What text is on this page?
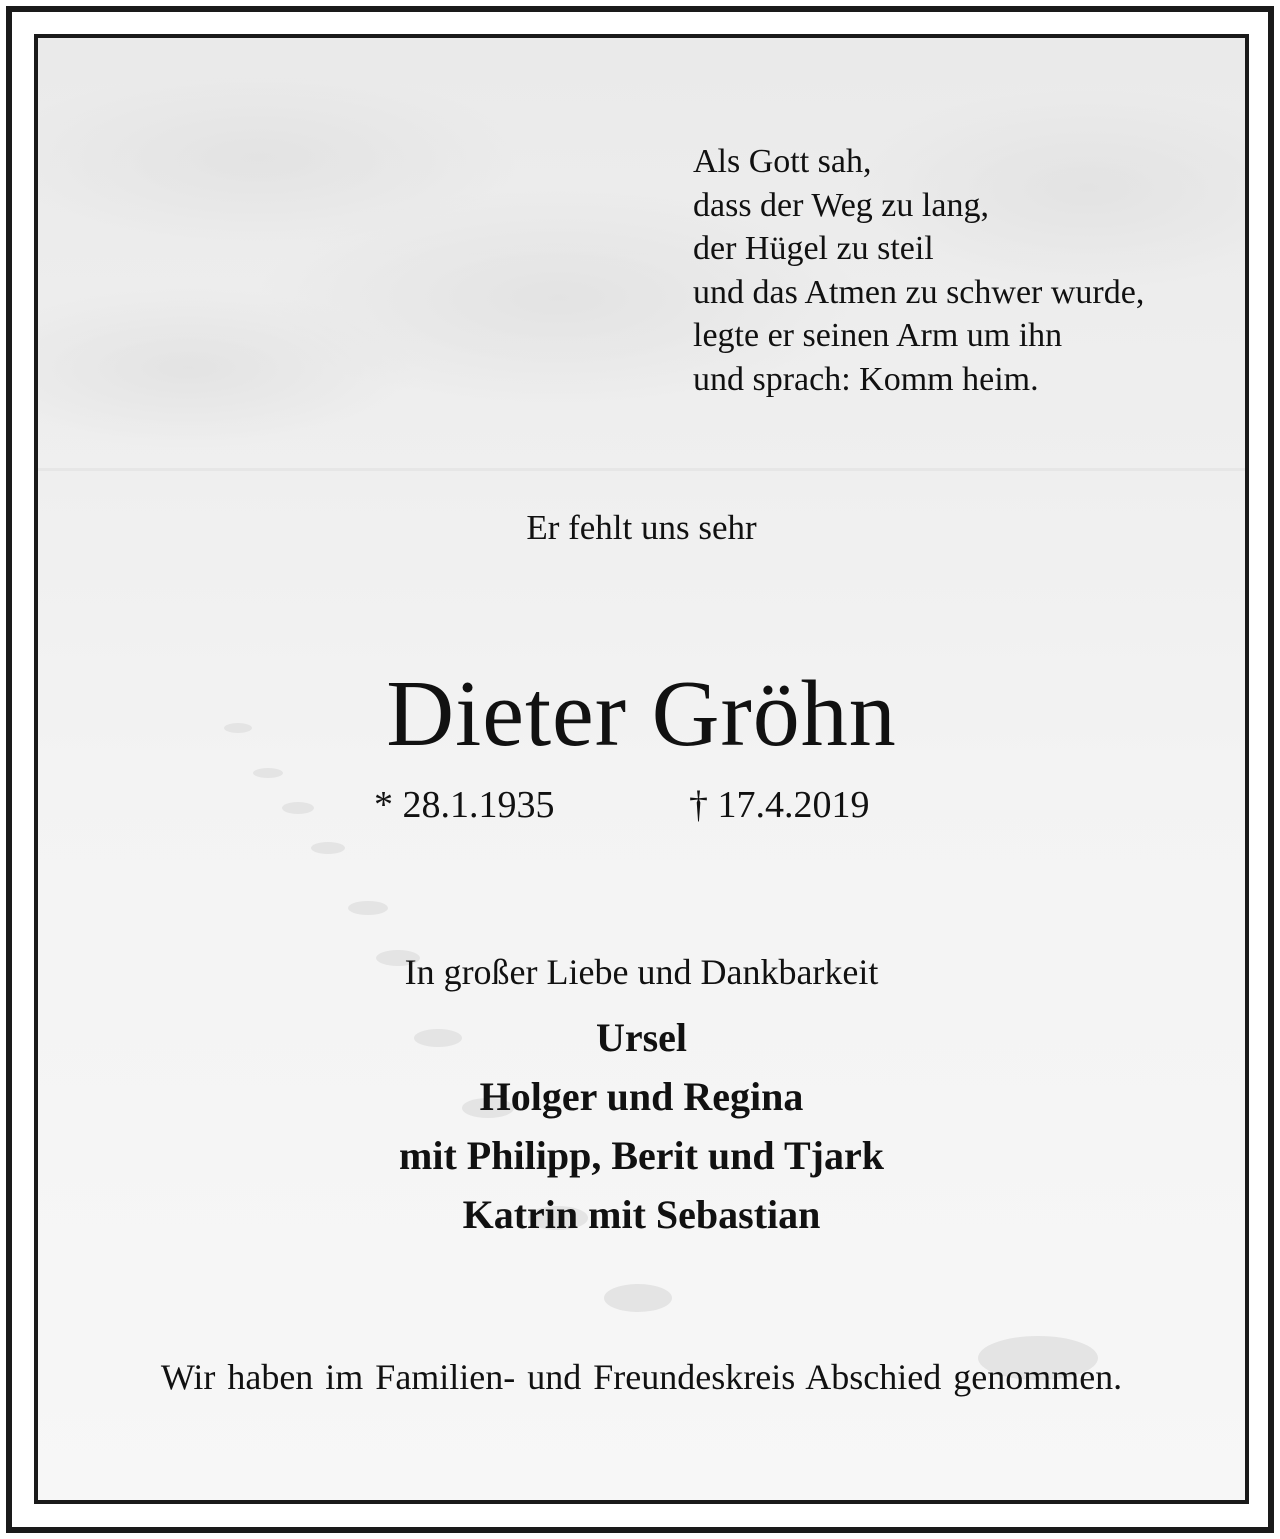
Als Gott sah,
dass der Weg zu lang,
der Hügel zu steil
und das Atmen zu schwer wurde,
legte er seinen Arm um ihn
und sprach: Komm heim.
Er fehlt uns sehr
Dieter Gröhn
* 28.1.1935	† 17.4.2019
In großer Liebe und Dankbarkeit
Ursel
Holger und Regina
mit Philipp, Berit und Tjark
Katrin mit Sebastian
Wir haben im Familien- und Freundeskreis Abschied genommen.
